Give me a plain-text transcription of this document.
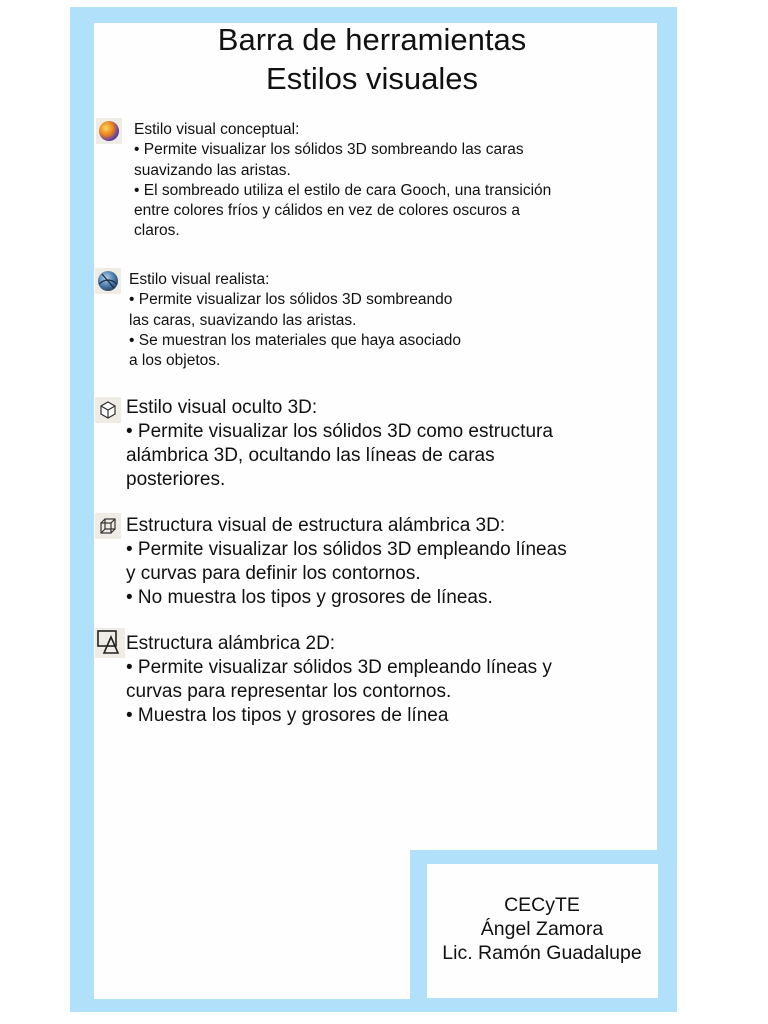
Barra de herramientas
Estilos visuales
Estilo visual conceptual:
• Permite visualizar los sólidos 3D sombreando las caras
suavizando las aristas.
• El sombreado utiliza el estilo de cara Gooch, una transición
entre colores fríos y cálidos en vez de colores oscuros a
claros.
Estilo visual realista:
• Permite visualizar los sólidos 3D sombreando
las caras, suavizando las aristas.
• Se muestran los materiales que haya asociado
a los objetos.
Estilo visual oculto 3D:
• Permite visualizar los sólidos 3D como estructura
alámbrica 3D, ocultando las líneas de caras
posteriores.
Estructura visual de estructura alámbrica 3D:
• Permite visualizar los sólidos 3D empleando líneas
y curvas para definir los contornos.
• No muestra los tipos y grosores de líneas.
Estructura alámbrica 2D:
• Permite visualizar sólidos 3D empleando líneas y
curvas para representar los contornos.
• Muestra los tipos y grosores de línea
CECyTE
Ángel Zamora
Lic. Ramón Guadalupe
